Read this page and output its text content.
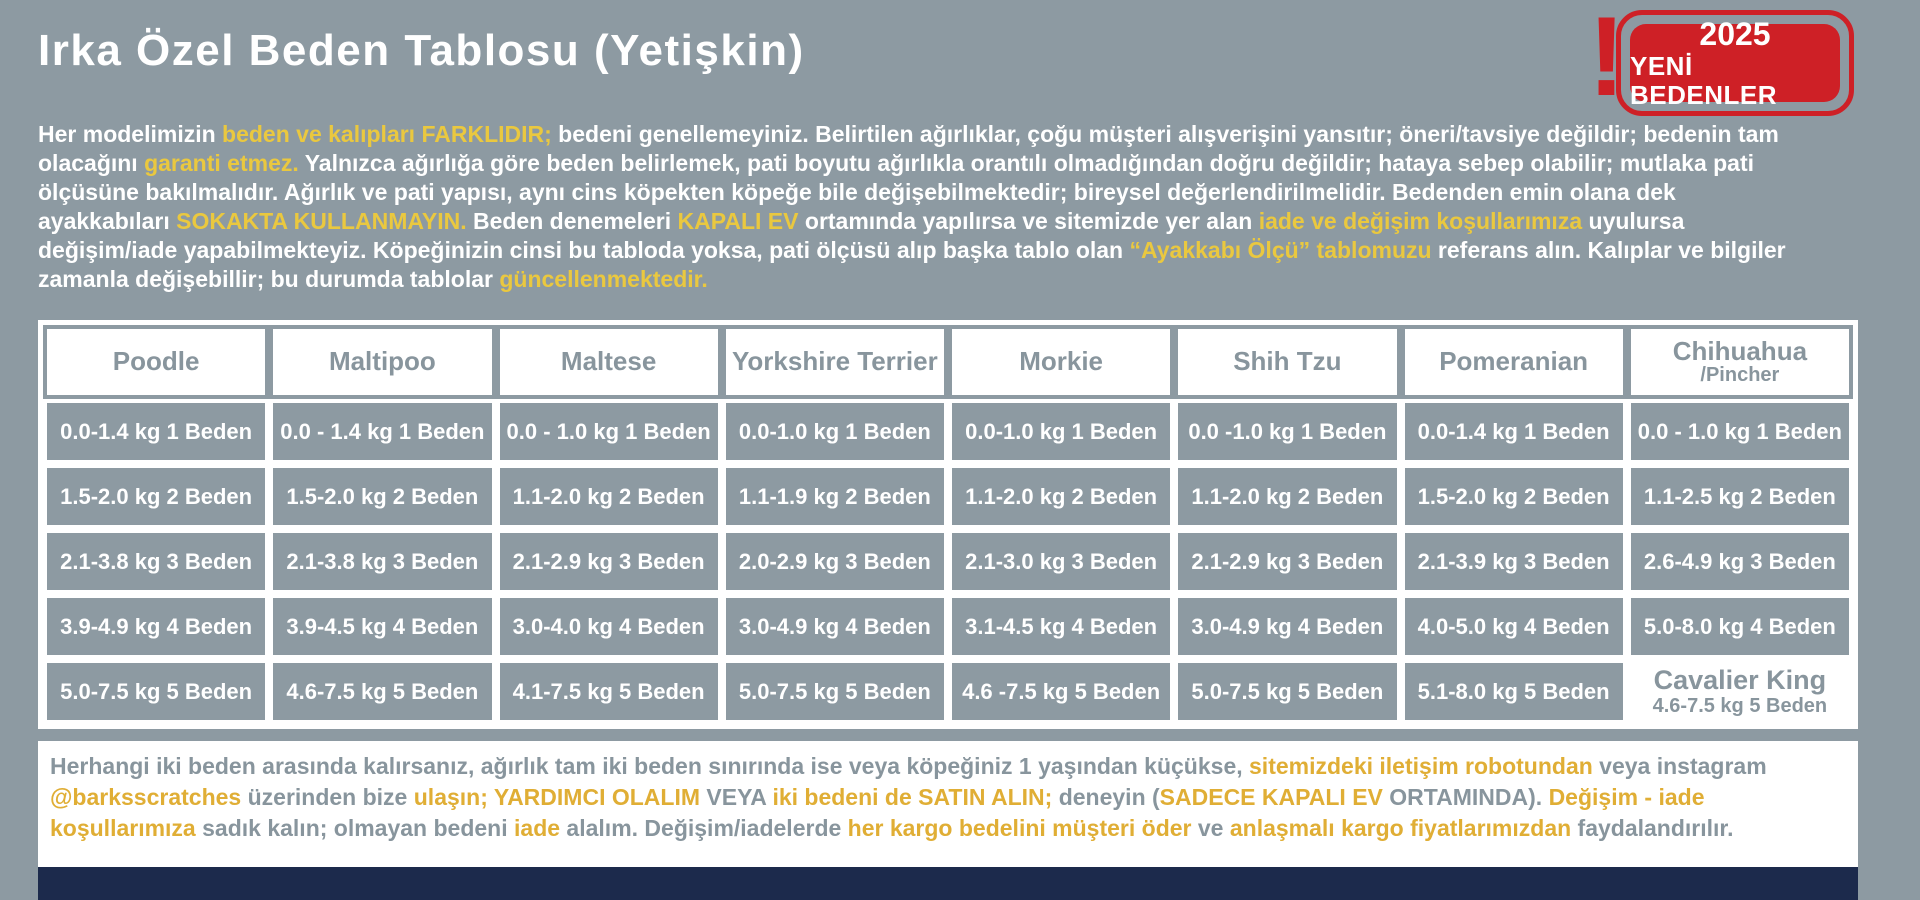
Irka Özel Beden Tablosu (Yetişkin)	! 2025
YENİ BEDENLER
Her modelimizin beden ve kalıpları FARKLIDIR; bedeni genellemeyiniz. Belirtilen ağırlıklar, çoğu müşteri alışverişini yansıtır; öneri/tavsiye değildir; bedenin tam olacağını garanti etmez. Yalnızca ağırlığa göre beden belirlemek, pati boyutu ağırlıkla orantılı olmadığından doğru değildir; hataya sebep olabilir; mutlaka pati ölçüsüne bakılmalıdır. Ağırlık ve pati yapısı, aynı cins köpekten köpeğe bile değişebilmektedir; bireysel değerlendirilmelidir. Bedenden emin olana dek ayakkabıları SOKAKTA KULLANMAYIN. Beden denemeleri KAPALI EV ortamında yapılırsa ve sitemizde yer alan iade ve değişim koşullarımıza uyulursa değişim/iade yapabilmekteyiz. Köpeğinizin cinsi bu tabloda yoksa, pati ölçüsü alıp başka tablo olan “Ayakkabı Ölçü” tablomuzu referans alın. Kalıplar ve bilgiler zamanla değişebillir; bu durumda tablolar güncellenmektedir.
Poodle
0.0-1.4 kg 1 Beden
1.5-2.0 kg 2 Beden
2.1-3.8 kg 3 Beden
3.9-4.9 kg 4 Beden
5.0-7.5 kg 5 Beden
Maltipoo
0.0 - 1.4 kg 1 Beden
1.5-2.0 kg 2 Beden
2.1-3.8 kg 3 Beden
3.9-4.5 kg 4 Beden
4.6-7.5 kg 5 Beden
Maltese
0.0 - 1.0 kg 1 Beden
1.1-2.0 kg 2 Beden
2.1-2.9 kg 3 Beden
3.0-4.0 kg 4 Beden
4.1-7.5 kg 5 Beden
Yorkshire Terrier
0.0-1.0 kg 1 Beden
1.1-1.9 kg 2 Beden
2.0-2.9 kg 3 Beden
3.0-4.9 kg 4 Beden
5.0-7.5 kg 5 Beden
Morkie
0.0-1.0 kg 1 Beden
1.1-2.0 kg 2 Beden
2.1-3.0 kg 3 Beden
3.1-4.5 kg 4 Beden
4.6 -7.5 kg 5 Beden
Shih Tzu
0.0 -1.0 kg 1 Beden
1.1-2.0 kg 2 Beden
2.1-2.9 kg 3 Beden
3.0-4.9 kg 4 Beden
5.0-7.5 kg 5 Beden
Pomeranian
0.0-1.4 kg 1 Beden
1.5-2.0 kg 2 Beden
2.1-3.9 kg 3 Beden
4.0-5.0 kg 4 Beden
5.1-8.0 kg 5 Beden
Chihuahua
/Pincher
0.0 - 1.0 kg 1 Beden
1.1-2.5 kg 2 Beden
2.6-4.9 kg 3 Beden
5.0-8.0 kg 4 Beden
Cavalier King
4.6-7.5 kg 5 Beden
Herhangi iki beden arasında kalırsanız, ağırlık tam iki beden sınırında ise veya köpeğiniz 1 yaşından küçükse, sitemizdeki iletişim robotundan veya instagram @barksscratches üzerinden bize ulaşın; YARDIMCI OLALIM VEYA iki bedeni de SATIN ALIN; deneyin (SADECE KAPALI EV ORTAMINDA). Değişim - iade koşullarımıza sadık kalın; olmayan bedeni iade alalım. Değişim/iadelerde her kargo bedelini müşteri öder ve anlaşmalı kargo fiyatlarımızdan faydalandırılır.
